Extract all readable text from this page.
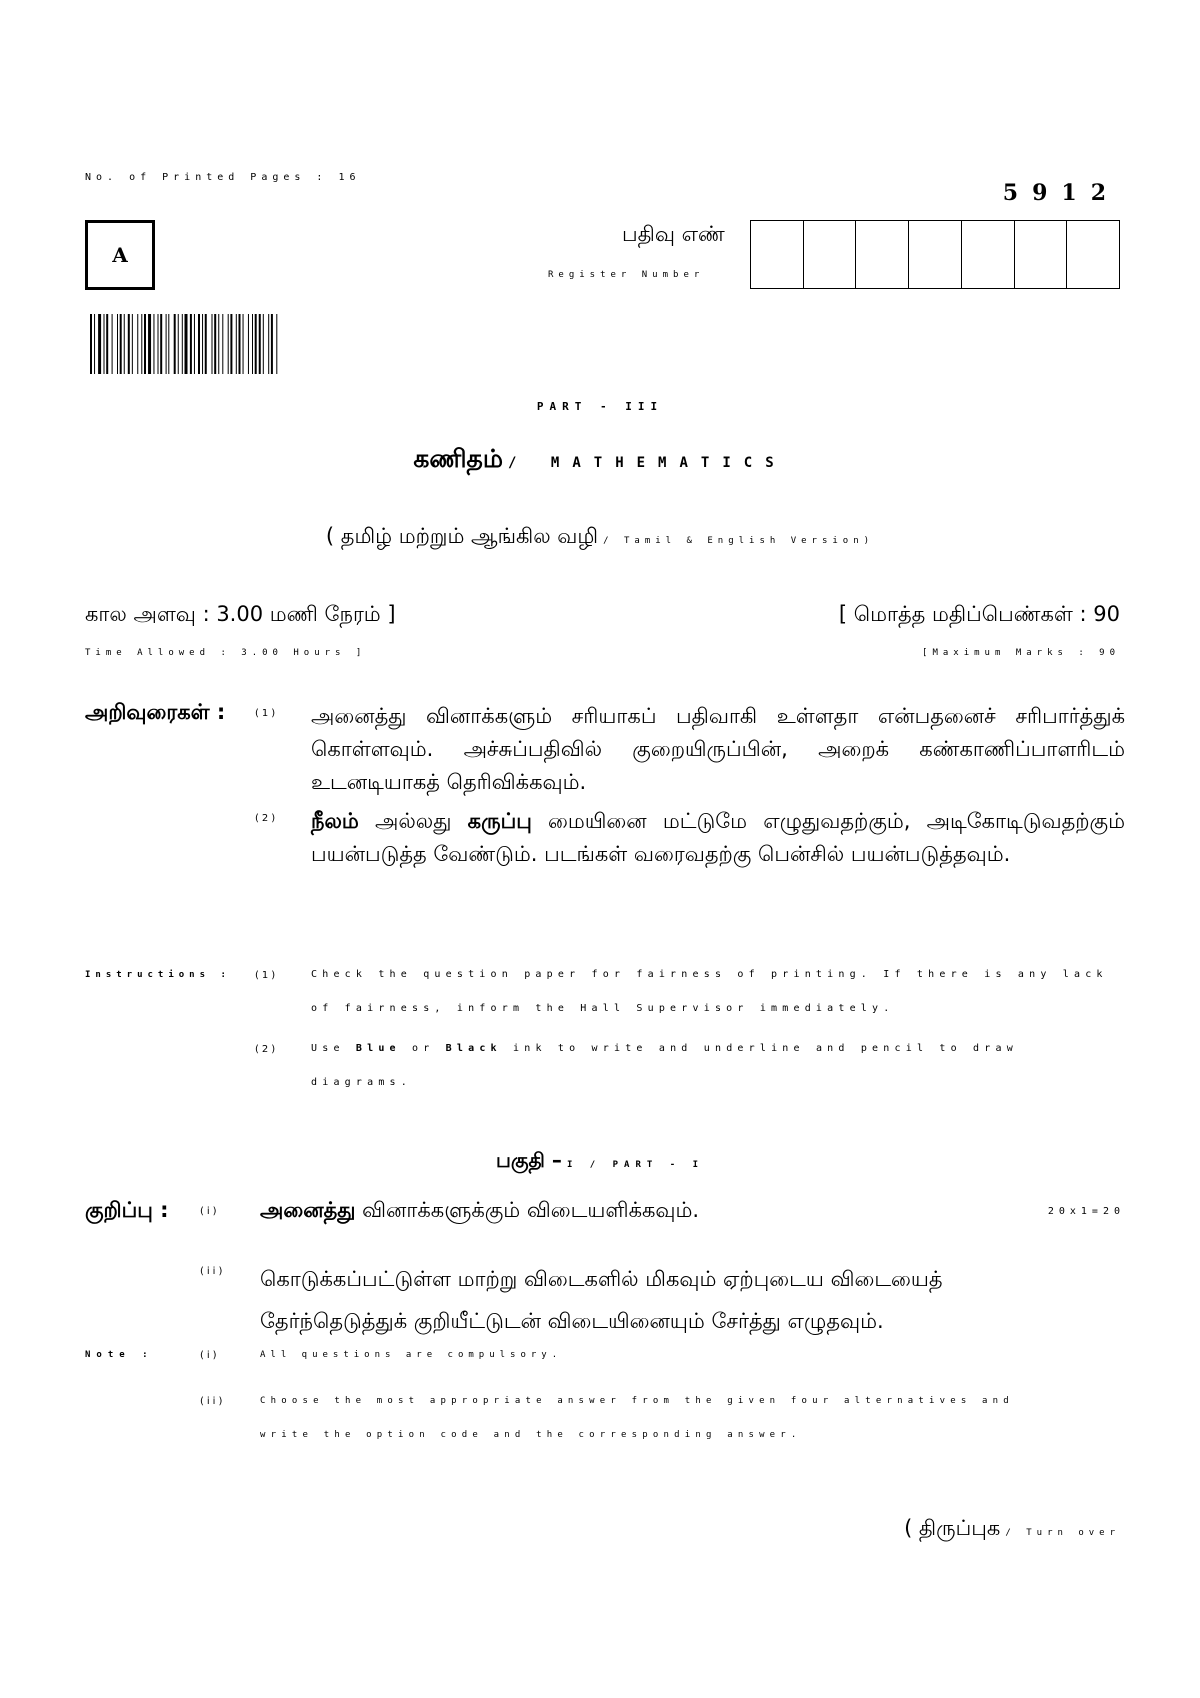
No. of Printed Pages : 16
5912
A
பதிவு எண்
Register Number
PART - III
கணிதம் / MATHEMATICS
( தமிழ் மற்றும் ஆங்கில வழி / Tamil & English Version)
கால அளவு : 3.00 மணி நேரம் ]
Time Allowed : 3.00 Hours ]
[ மொத்த மதிப்பெண்கள் : 90
[Maximum Marks : 90
அறிவுரைகள் :	(1)	அனைத்து வினாக்களும் சரியாகப் பதிவாகி உள்ளதா என்பதனைச் சரிபார்த்துக் கொள்ளவும். அச்சுப்பதிவில் குறையிருப்பின், அறைக் கண்காணிப்பாளரிடம் உடனடியாகத் தெரிவிக்கவும்.
(2)	நீலம் அல்லது கருப்பு மையினை மட்டுமே எழுதுவதற்கும், அடிகோடிடுவதற்கும் பயன்படுத்த வேண்டும். படங்கள் வரைவதற்கு பென்சில் பயன்படுத்தவும்.
Instructions :	(1)	Check the question paper for fairness of printing. If there is any lack of fairness, inform the Hall Supervisor immediately.
(2)	Use Blue or Black ink to write and underline and pencil to draw diagrams.
பகுதி – I / PART - I
குறிப்பு :	(i)	அனைத்து வினாக்களுக்கும் விடையளிக்கவும்.	20x1=20
(ii)	கொடுக்கப்பட்டுள்ள மாற்று விடைகளில் மிகவும் ஏற்புடைய விடையைத் தேர்ந்தெடுத்துக் குறியீட்டுடன் விடையினையும் சேர்த்து எழுதவும்.
Note :	(i)	All questions are compulsory.
(ii)	Choose the most appropriate answer from the given four alternatives and write the option code and the corresponding answer.
( திருப்புக / Turn over
